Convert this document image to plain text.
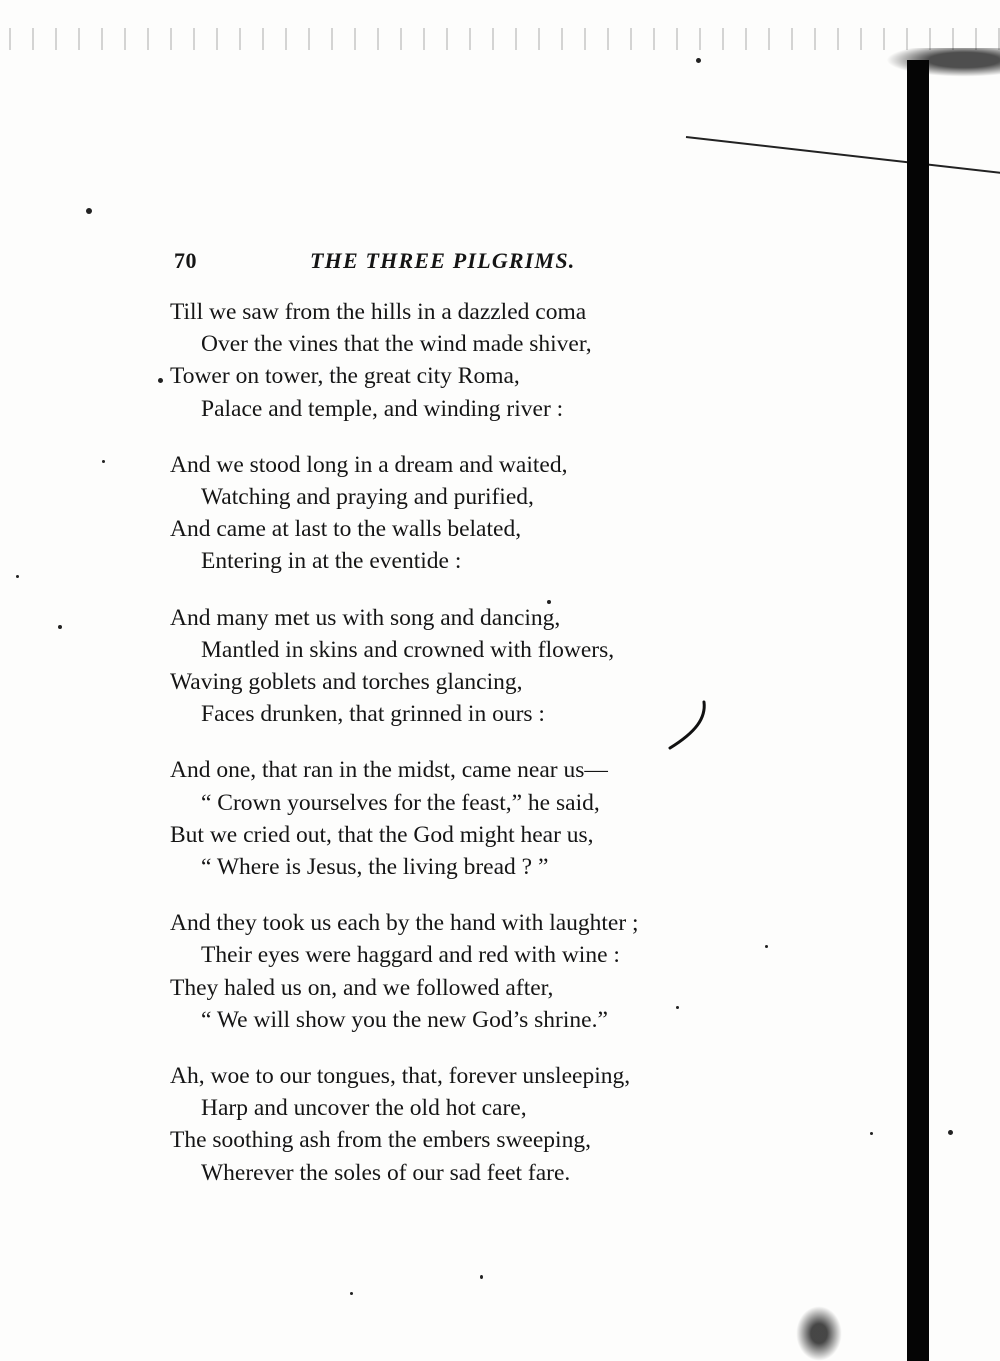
70	THE THREE PILGRIMS.
Till we saw from the hills in a dazzled coma
Over the vines that the wind made shiver,
Tower on tower, the great city Roma,
Palace and temple, and winding river :
And we stood long in a dream and waited,
Watching and praying and purified,
And came at last to the walls belated,
Entering in at the eventide :
And many met us with song and dancing,
Mantled in skins and crowned with flowers,
Waving goblets and torches glancing,
Faces drunken, that grinned in ours :
And one, that ran in the midst, came near us—
“ Crown yourselves for the feast,” he said,
But we cried out, that the God might hear us,
“ Where is Jesus, the living bread ? ”
And they took us each by the hand with laughter ;
Their eyes were haggard and red with wine :
They haled us on, and we followed after,
“ We will show you the new God’s shrine.”
Ah, woe to our tongues, that, forever unsleeping,
Harp and uncover the old hot care,
The soothing ash from the embers sweeping,
Wherever the soles of our sad feet fare.
